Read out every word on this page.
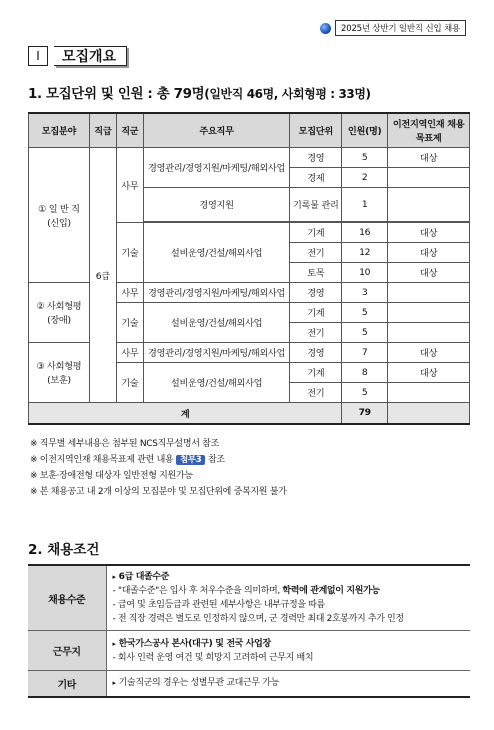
2025년 상반기 일반직 신입 채용
Ⅰ	모집개요
1. 모집단위 및 인원 : 총 79명(일반직 46명, 사회형평 : 33명)
모집분야	직급	직군	주요직무	모집단위	인원(명)	이전지역인재 채용목표제

① 일 반 직
(신입)	6급	사무	경영관리/경영지원/마케팅/해외사업	경영	5	대상
				경제	2	
			경영지원	기록물 관리	1	

		기술	설비운영/건설/해외사업	기계	16	대상
				전기	12	대상
				토목	10	대상

② 사회형평
(장애)		사무	경영관리/경영지원/마케팅/해외사업	경영	3	
		기술	설비운영/건설/해외사업	기계	5	
				전기	5	

③ 사회형평
(보훈)		사무	경영관리/경영지원/마케팅/해외사업	경영	7	대상
		기술	설비운영/건설/해외사업	기계	8	대상
				전기	5	
계					79	
※ 직무별 세부내용은 첨부된 NCS직무설명서 참조
※ 이전지역인재 채용목표제 관련 내용 첨부3 참조
※ 보훈·장애전형 대상자 일반전형 지원가능
※ 본 채용공고 내 2개 이상의 모집분야 및 모집단위에 중복지원 불가
2. 채용조건
채용수준	▸ 6급 대졸수준
- "대졸수준"은 입사 후 처우수준을 의미하며, 학력에 관계없이 지원가능
- 급여 및 초임등급과 관련된 세부사항은 내부규정을 따름
- 전 직장 경력은 별도로 인정하지 않으며, 군 경력만 최대 2호봉까지 추가 인정

근무지	▸ 한국가스공사 본사(대구) 및 전국 사업장
- 회사 인력 운영 여건 및 희망지 고려하여 근무지 배치

기타	▸ 기술직군의 경우는 성별무관 교대근무 가능
